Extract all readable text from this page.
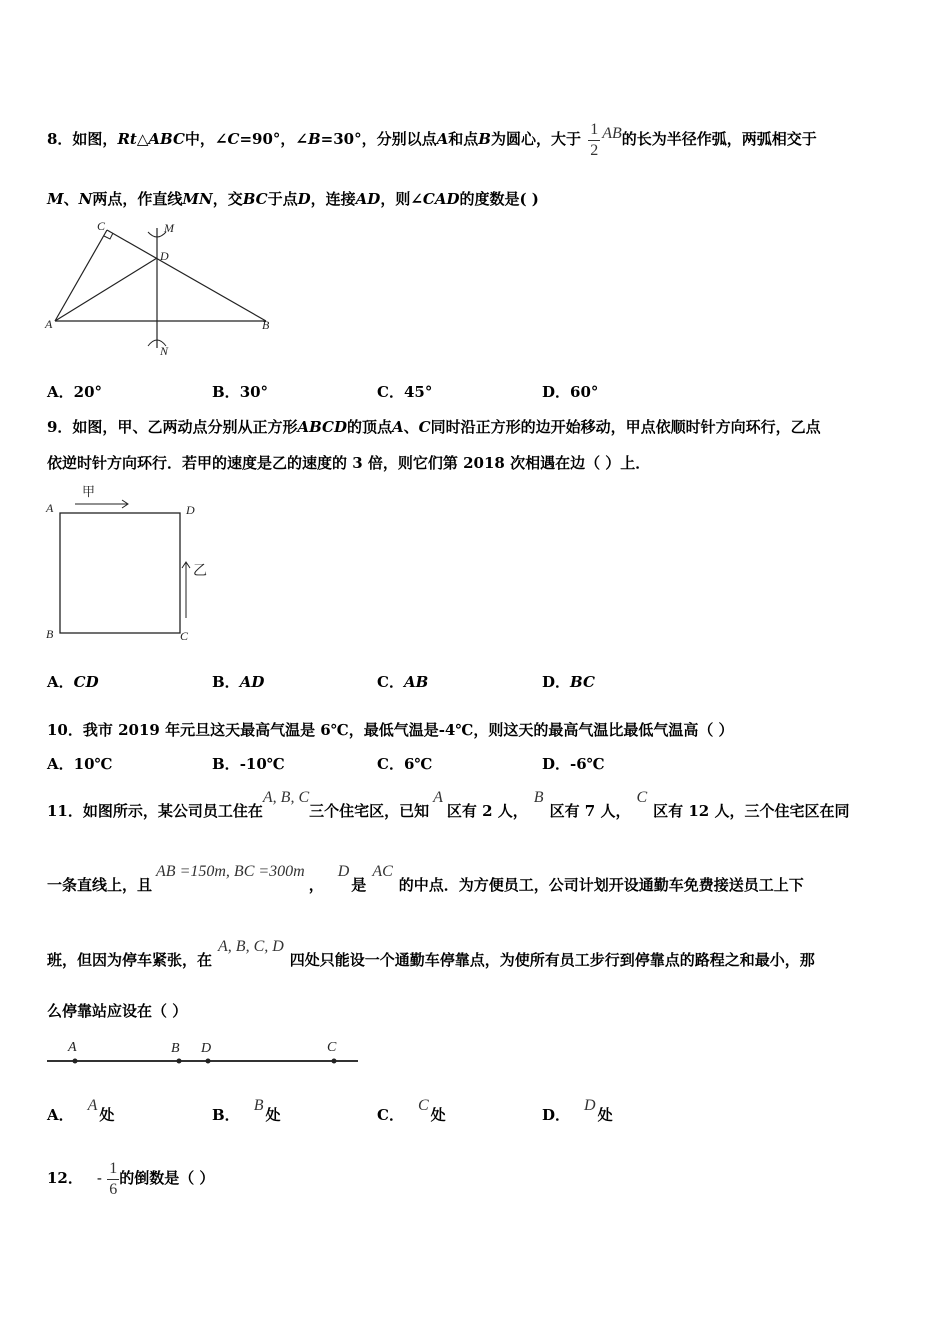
8．如图，Rt△ABC中，∠C=90°，∠B=30°，分别以点A和点B为圆心，大于 $\frac{1}{2}$ AB的长为半径作弧，两弧相交于
M、N两点，作直线MN，交BC于点D，连接AD，则∠CAD的度数是( )
C	M
D
A	B
N
A．20°	B．30°	C．45°	D．60°
9．如图，甲、乙两动点分别从正方形ABCD的顶点A、C同时沿正方形的边开始移动，甲点依顺时针方向环行，乙点
依逆时针方向环行．若甲的速度是乙的速度的 3 倍，则它们第 2018 次相遇在边（ ）上．
甲
乙
A	D
B	C
A．CD	B．AD	C．AB	D．BC
10．我市 2019 年元旦这天最高气温是 6℃，最低气温是-4℃，则这天的最高气温比最低气温高（ ）
A．10℃	B．-10℃	C．6℃	D．-6℃
11．如图所示，某公司员工住在A, B, C三个住宅区，已知A区有 2 人，B区有 7 人，C区有 12 人，三个住宅区在同
一条直线上，且AB =150m, BC =300m，D是AC的中点．为方便员工，公司计划开设通勤车免费接送员工上下
班，但因为停车紧张，在A, B, C, D四处只能设一个通勤车停靠点，为使所有员工步行到停靠点的路程之和最小，那
么停靠站应设在（ ）
A	B D	C
A．A处	B．B处	C．C处	D．D处
12． - $\frac{1}{6}$ 的倒数是（ ）
